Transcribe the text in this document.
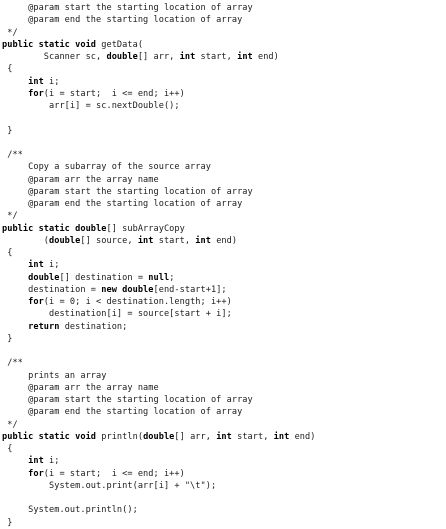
@param start the starting location of array
@param end the starting location of array
*/
public static void getData(
Scanner sc, double[] arr, int start, int end)
{
int i;
for(i = start;  i <= end; i++)
arr[i] = sc.nextDouble();
}
/**
Copy a subarray of the source array
@param arr the array name
@param start the starting location of array
@param end the starting location of array
*/
public static double[] subArrayCopy
(double[] source, int start, int end)
{
int i;
double[] destination = null;
destination = new double[end-start+1];
for(i = 0; i < destination.length; i++)
destination[i] = source[start + i];
return destination;
}
/**
prints an array
@param arr the array name
@param start the starting location of array
@param end the starting location of array
*/
public static void println(double[] arr, int start, int end)
{
int i;
for(i = start;  i <= end; i++)
System.out.print(arr[i] + "\t");
System.out.println();
}
